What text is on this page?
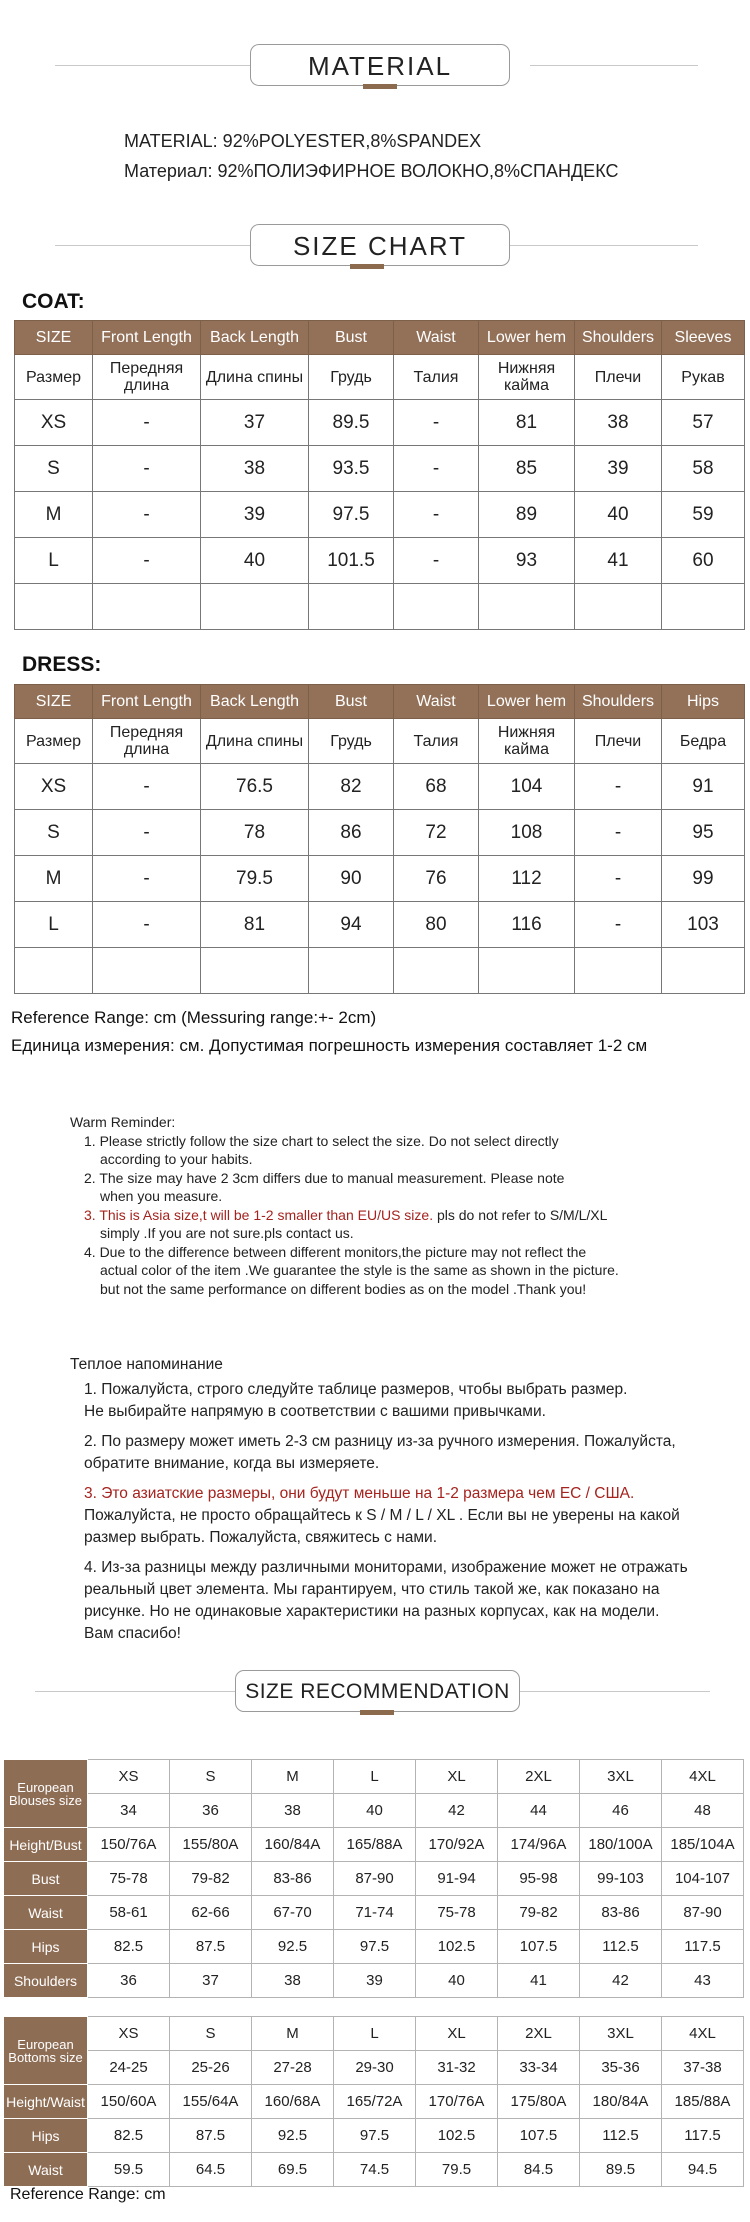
MATERIAL
MATERIAL: 92%POLYESTER,8%SPANDEX
Материал: 92%ПОЛИЭФИРНОЕ ВОЛОКНО,8%СПАНДЕКС
SIZE CHART
COAT:
SIZE	Front Length	Back Length	Bust	Waist	Lower hem	Shoulders	Sleeves
Размер	Передняя длина	Длина спины	Грудь	Талия	Нижняя кайма	Плечи	Рукав
XS	-	37	89.5	-	81	38	57
S	-	38	93.5	-	85	39	58
M	-	39	97.5	-	89	40	59
L	-	40	101.5	-	93	41	60

DRESS:
SIZE	Front Length	Back Length	Bust	Waist	Lower hem	Shoulders	Hips
Размер	Передняя длина	Длина спины	Грудь	Талия	Нижняя кайма	Плечи	Бедра
XS	-	76.5	82	68	104	-	91
S	-	78	86	72	108	-	95
M	-	79.5	90	76	112	-	99
L	-	81	94	80	116	-	103

Reference Range: cm (Messuring range:+- 2cm)
Единица измерения: см. Допустимая погрешность измерения составляет 1-2 см
Warm Reminder:
1. Please strictly follow the size chart to select the size. Do not select directly
according to your habits.
2. The size may have 2 3cm differs due to manual measurement. Please note
when you measure.
3. This is Asia size,t will be 1-2 smaller than EU/US size. pls do not refer to S/M/L/XL
simply .If you are not sure.pls contact us.
4. Due to the difference between different monitors,the picture may not reflect the
actual color of the item .We guarantee the style is the same as shown in the picture.
but not the same performance on different bodies as on the model .Thank you!
Теплое напоминание
1. Пожалуйста, строго следуйте таблице размеров, чтобы выбрать размер.
Не выбирайте напрямую в соответствии с вашими привычками.
2. По размеру может иметь 2-3 см разницу из-за ручного измерения. Пожалуйста,
обратите внимание, когда вы измеряете.
3. Это азиатские размеры, они будут меньше на 1-2 размера чем EC / США.
Пожалуйста, не просто обращайтесь к S / M / L / XL . Если вы не уверены на какой
размер выбрать. Пожалуйста, свяжитесь с нами.
4. Из-за разницы между различными мониторами, изображение может не отражать
реальный цвет элемента. Мы гарантируем, что стиль такой же, как показано на
рисунке. Но не одинаковые характеристики на разных корпусах, как на модели.
Вам спасибо!
SIZE RECOMMENDATION
European Blouses size	XS	S	M	L	XL	2XL	3XL	4XL
	34	36	38	40	42	44	46	48
Height/Bust	150/76A	155/80A	160/84A	165/88A	170/92A	174/96A	180/100A	185/104A
Bust	75-78	79-82	83-86	87-90	91-94	95-98	99-103	104-107
Waist	58-61	62-66	67-70	71-74	75-78	79-82	83-86	87-90
Hips	82.5	87.5	92.5	97.5	102.5	107.5	112.5	117.5
Shoulders	36	37	38	39	40	41	42	43
European Bottoms size	XS	S	M	L	XL	2XL	3XL	4XL
	24-25	25-26	27-28	29-30	31-32	33-34	35-36	37-38
Height/Waist	150/60A	155/64A	160/68A	165/72A	170/76A	175/80A	180/84A	185/88A
Hips	82.5	87.5	92.5	97.5	102.5	107.5	112.5	117.5
Waist	59.5	64.5	69.5	74.5	79.5	84.5	89.5	94.5
Reference Range: cm
